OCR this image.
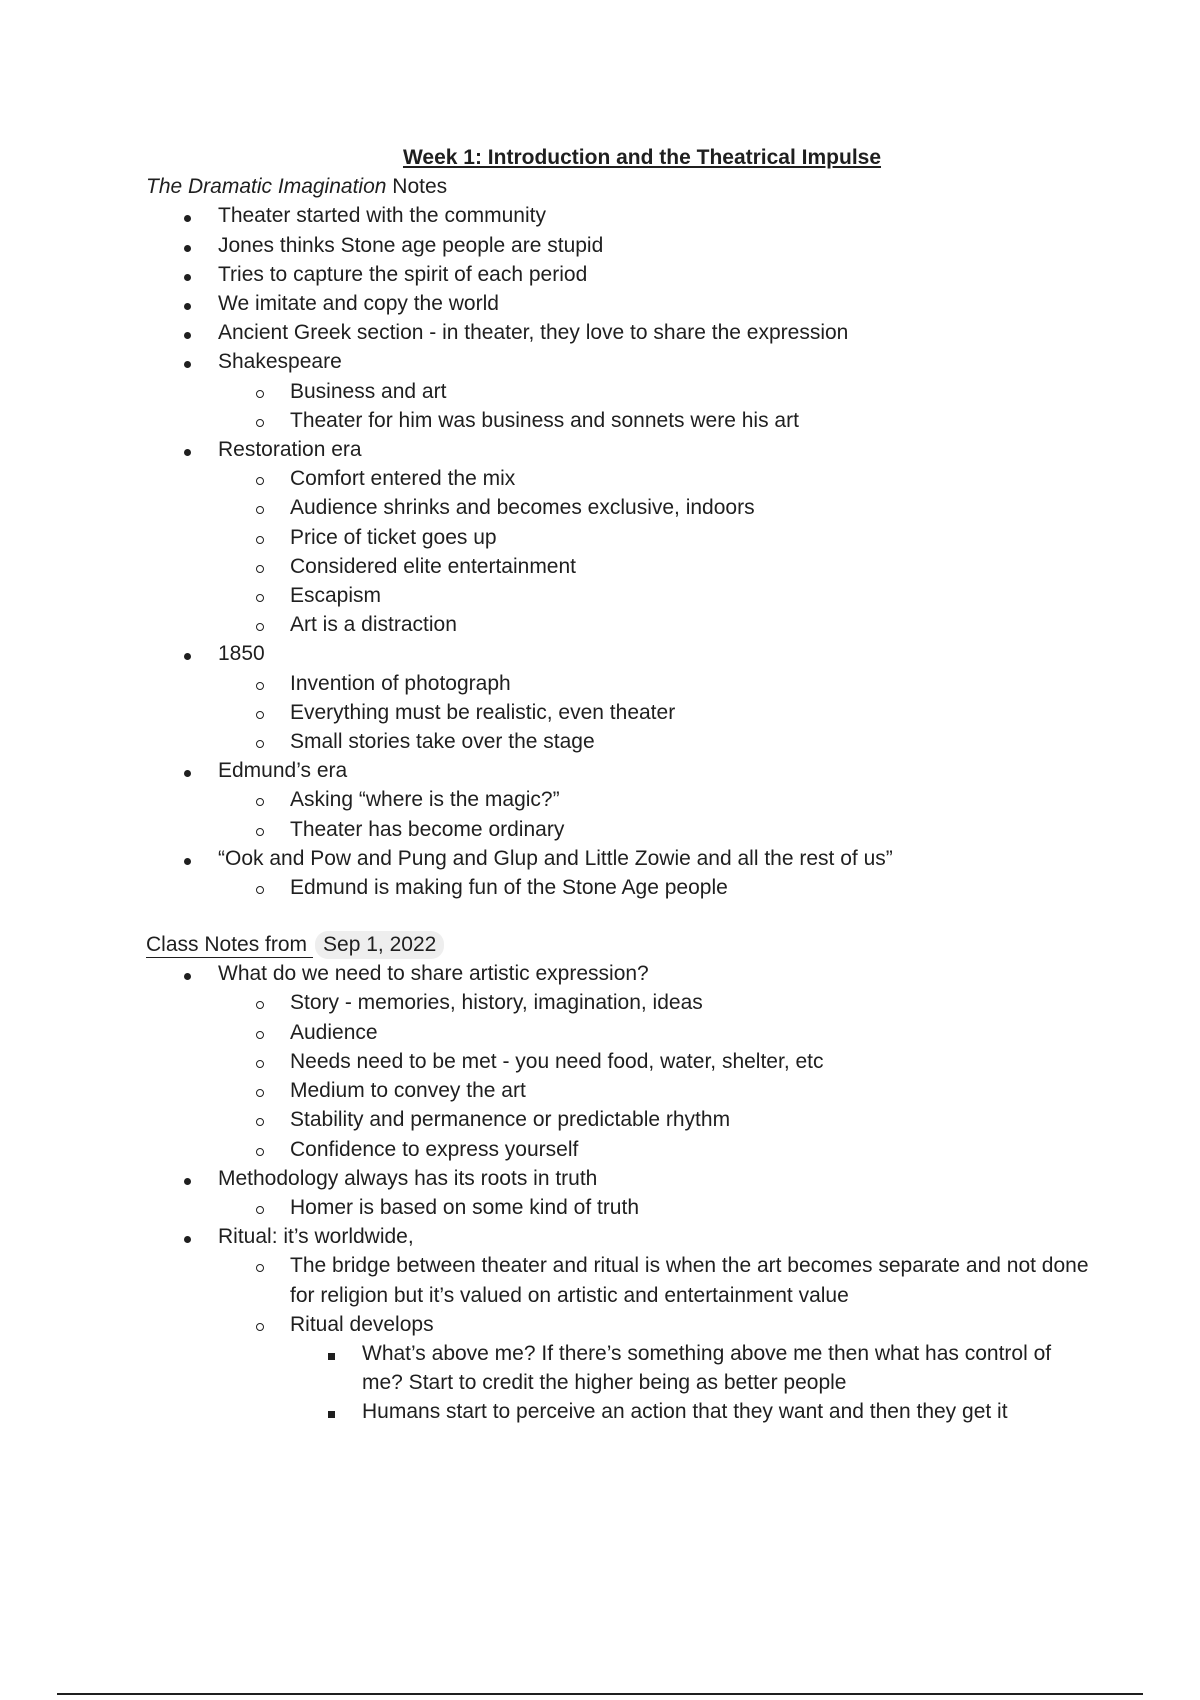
Week 1: Introduction and the Theatrical Impulse

The Dramatic Imagination Notes

Theater started with the community
Jones thinks Stone age people are stupid
Tries to capture the spirit of each period
We imitate and copy the world
Ancient Greek section - in theater, they love to share the expression
Shakespeare
Business and art
Theater for him was business and sonnets were his art
Restoration era
Comfort entered the mix
Audience shrinks and becomes exclusive, indoors
Price of ticket goes up
Considered elite entertainment
Escapism
Art is a distraction
1850
Invention of photograph
Everything must be realistic, even theater
Small stories take over the stage
Edmund’s era
Asking “where is the magic?”
Theater has become ordinary
“Ook and Pow and Pung and Glup and Little Zowie and all the rest of us”
Edmund is making fun of the Stone Age people
Class Notes from Sep 1, 2022
What do we need to share artistic expression?
Story - memories, history, imagination, ideas
Audience
Needs need to be met - you need food, water, shelter, etc
Medium to convey the art
Stability and permanence or predictable rhythm
Confidence to express yourself
Methodology always has its roots in truth
Homer is based on some kind of truth
Ritual: it’s worldwide,
The bridge between theater and ritual is when the art becomes separate and not done for religion but it’s valued on artistic and entertainment value
Ritual develops
What’s above me? If there’s something above me then what has control of me? Start to credit the higher being as better people
Humans start to perceive an action that they want and then they get it
